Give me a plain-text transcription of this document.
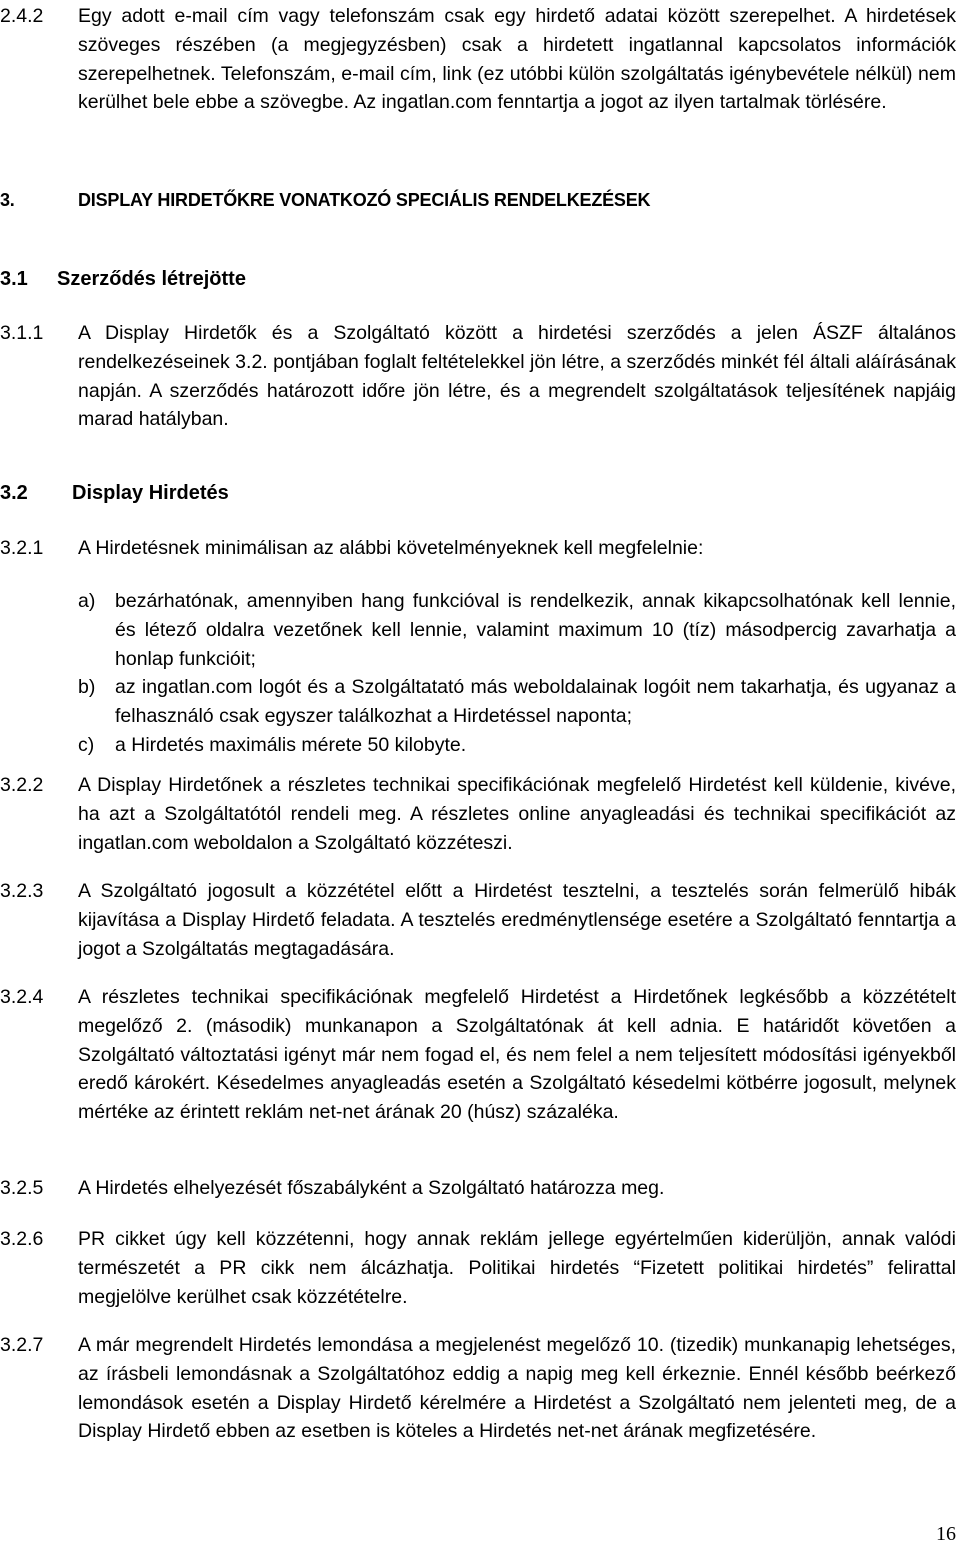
2.4.2	Egy adott e-mail cím vagy telefonszám csak egy hirdető adatai között szerepelhet. A hirdetések szöveges részében (a megjegyzésben) csak a hirdetett ingatlannal kapcsolatos információk szerepelhetnek. Telefonszám, e-mail cím, link (ez utóbbi külön szolgáltatás igénybevétele nélkül) nem kerülhet bele ebbe a szövegbe. Az ingatlan.com fenntartja a jogot az ilyen tartalmak törlésére.
3.	DISPLAY HIRDETŐKRE VONATKOZÓ SPECIÁLIS RENDELKEZÉSEK
3.1	Szerződés létrejötte
3.1.1	A Display Hirdetők és a Szolgáltató között a hirdetési szerződés a jelen ÁSZF általános rendelkezéseinek 3.2. pontjában foglalt feltételekkel jön létre, a szerződés minkét fél általi aláírásának napján. A szerződés határozott időre jön létre, és a megrendelt szolgáltatások teljesítének napjáig marad hatályban.
3.2	Display Hirdetés
3.2.1	A Hirdetésnek minimálisan az alábbi követelményeknek kell megfelelnie:
a)	bezárhatónak, amennyiben hang funkcióval is rendelkezik, annak kikapcsolhatónak kell lennie, és létező oldalra vezetőnek kell lennie, valamint maximum 10 (tíz) másodpercig zavarhatja a honlap funkcióit;
b)	az ingatlan.com logót és a Szolgáltatató más weboldalainak logóit nem takarhatja, és ugyanaz a felhasználó csak egyszer találkozhat a Hirdetéssel naponta;
c)	a Hirdetés maximális mérete 50 kilobyte.
3.2.2	A Display Hirdetőnek a részletes technikai specifikációnak megfelelő Hirdetést kell küldenie, kivéve, ha azt a Szolgáltatótól rendeli meg. A részletes online anyagleadási és technikai specifikációt az ingatlan.com weboldalon a Szolgáltató közzéteszi.
3.2.3	A Szolgáltató jogosult a közzététel előtt a Hirdetést tesztelni, a tesztelés során felmerülő hibák kijavítása a Display Hirdető feladata. A tesztelés eredménytlensége esetére a Szolgáltató fenntartja a jogot a Szolgáltatás megtagadására.
3.2.4	A részletes technikai specifikációnak megfelelő Hirdetést a Hirdetőnek legkésőbb a közzétételt megelőző 2. (második) munkanapon a Szolgáltatónak át kell adnia. E határidőt követően a Szolgáltató változtatási igényt már nem fogad el, és nem felel a nem teljesített módosítási igényekből eredő károkért. Késedelmes anyagleadás esetén a Szolgáltató késedelmi kötbérre jogosult, melynek mértéke az érintett reklám net-net árának 20 (húsz) százaléka.
3.2.5	A Hirdetés elhelyezését főszabályként a Szolgáltató határozza meg.
3.2.6	PR cikket úgy kell közzétenni, hogy annak reklám jellege egyértelműen kiderüljön, annak valódi természetét a PR cikk nem álcázhatja. Politikai hirdetés “Fizetett politikai hirdetés” felirattal megjelölve kerülhet csak közzétételre.
3.2.7	A már megrendelt Hirdetés lemondása a megjelenést megelőző 10. (tizedik) munkanapig lehetséges, az írásbeli lemondásnak a Szolgáltatóhoz eddig a napig meg kell érkeznie. Ennél később beérkező lemondások esetén a Display Hirdető kérelmére a Hirdetést a Szolgáltató nem jelenteti meg, de a Display Hirdető ebben az esetben is köteles a Hirdetés net-net árának megfizetésére.
16
